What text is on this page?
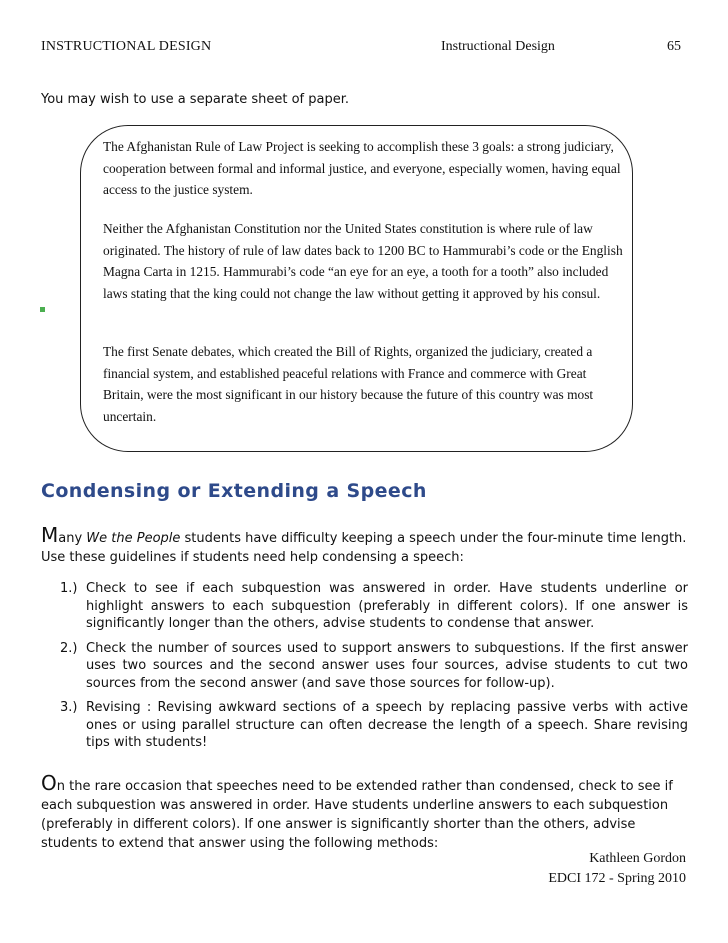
INSTRUCTIONAL DESIGN	Instructional Design	65
You may wish to use a separate sheet of paper.
The Afghanistan Rule of Law Project is seeking to accomplish these 3 goals: a strong judiciary, cooperation between formal and informal justice, and everyone, especially women, having equal access to the justice system.
Neither the Afghanistan Constitution nor the United States constitution is where rule of law originated. The history of rule of law dates back to 1200 BC to Hammurabi’s code or the English Magna Carta in 1215. Hammurabi’s code “an eye for an eye, a tooth for a tooth” also included laws stating that the king could not change the law without getting it approved by his consul.
The first Senate debates, which created the Bill of Rights, organized the judiciary, created a financial system, and established peaceful relations with France and commerce with Great Britain, were the most significant in our history because the future of this country was most uncertain.
Condensing or Extending a Speech
Many We the People students have difficulty keeping a speech under the four-minute time length. Use these guidelines if students need help condensing a speech:
1.) Check to see if each subquestion was answered in order. Have students underline or highlight answers to each subquestion (preferably in different colors). If one answer is significantly longer than the others, advise students to condense that answer.
2.) Check the number of sources used to support answers to subquestions. If the first answer uses two sources and the second answer uses four sources, advise students to cut two sources from the second answer (and save those sources for follow-up).
3.) Revising : Revising awkward sections of a speech by replacing passive verbs with active ones or using parallel structure can often decrease the length of a speech. Share revising tips with students!
On the rare occasion that speeches need to be extended rather than condensed, check to see if each subquestion was answered in order. Have students underline answers to each subquestion (preferably in different colors). If one answer is significantly shorter than the others, advise students to extend that answer using the following methods:
Kathleen Gordon
EDCI 172 - Spring 2010
